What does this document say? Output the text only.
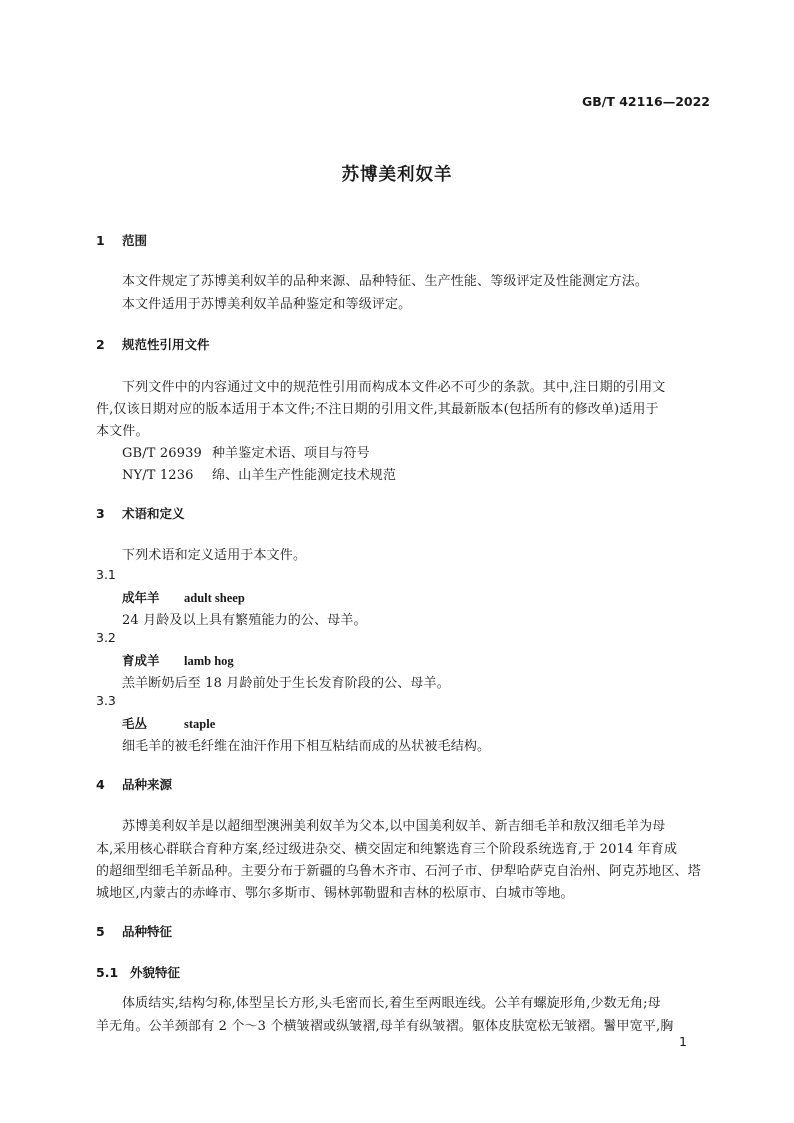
GB/T 42116—2022
苏博美利奴羊
1 范围
本文件规定了苏博美利奴羊的品种来源、品种特征、生产性能、等级评定及性能测定方法。
本文件适用于苏博美利奴羊品种鉴定和等级评定。
2 规范性引用文件
下列文件中的内容通过文中的规范性引用而构成本文件必不可少的条款。其中,注日期的引用文
件,仅该日期对应的版本适用于本文件;不注日期的引用文件,其最新版本(包括所有的修改单)适用于
本文件。
GB/T 26939 种羊鉴定术语、项目与符号
NY/T 1236 绵、山羊生产性能测定技术规范
3 术语和定义
下列术语和定义适用于本文件。
3.1
成年羊 adult sheep
24 月龄及以上具有繁殖能力的公、母羊。
3.2
育成羊 lamb hog
羔羊断奶后至 18 月龄前处于生长发育阶段的公、母羊。
3.3
毛丛	staple
细毛羊的被毛纤维在油汗作用下相互粘结而成的丛状被毛结构。
4 品种来源
苏博美利奴羊是以超细型澳洲美利奴羊为父本,以中国美利奴羊、新吉细毛羊和敖汉细毛羊为母
本,采用核心群联合育种方案,经过级进杂交、横交固定和纯繁选育三个阶段系统选育,于 2014 年育成
的超细型细毛羊新品种。主要分布于新疆的乌鲁木齐市、石河子市、伊犁哈萨克自治州、阿克苏地区、塔
城地区,内蒙古的赤峰市、鄂尔多斯市、锡林郭勒盟和吉林的松原市、白城市等地。
5 品种特征
5.1 外貌特征
体质结实,结构匀称,体型呈长方形,头毛密而长,着生至两眼连线。公羊有螺旋形角,少数无角;母
羊无角。公羊颈部有 2 个～3 个横皱褶或纵皱褶,母羊有纵皱褶。躯体皮肤宽松无皱褶。鬐甲宽平,胸
1
